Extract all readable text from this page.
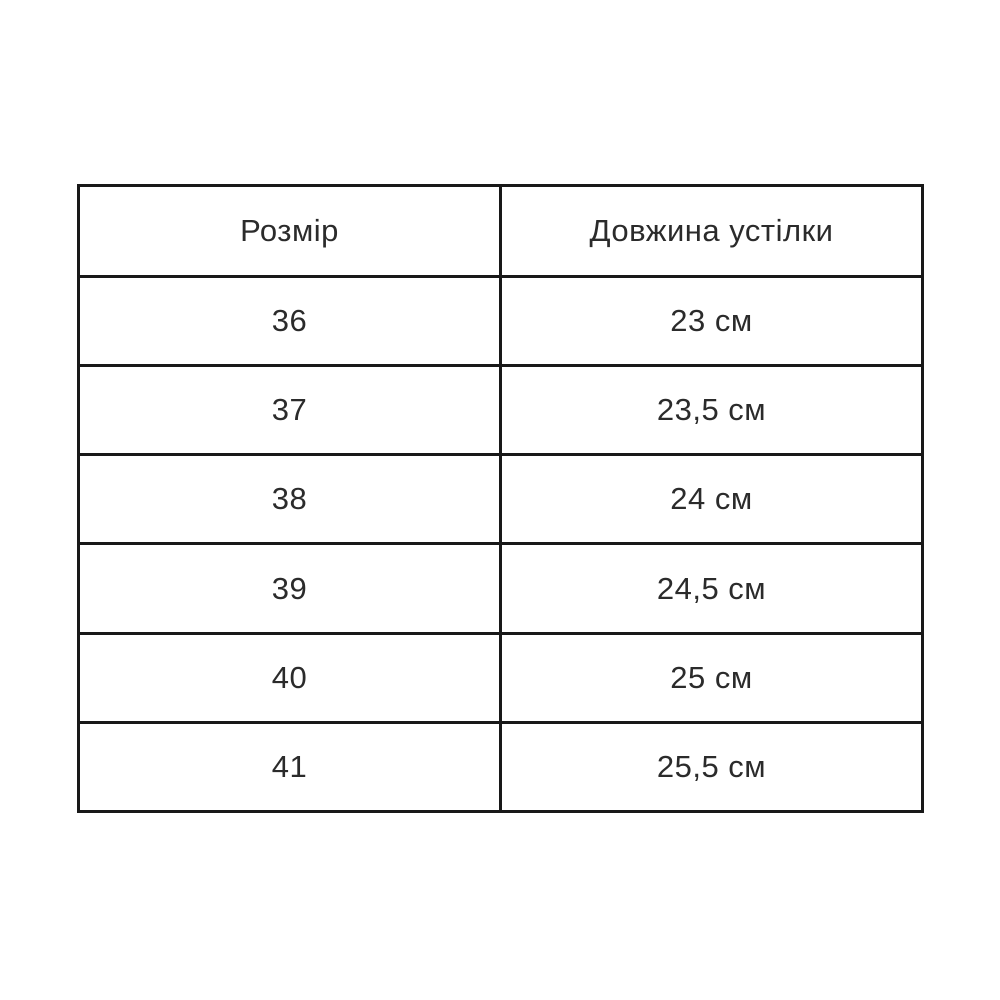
Розмір	Довжина устілки
36	23 см
37	23,5 см
38	24 см
39	24,5 см
40	25 см
41	25,5 см
